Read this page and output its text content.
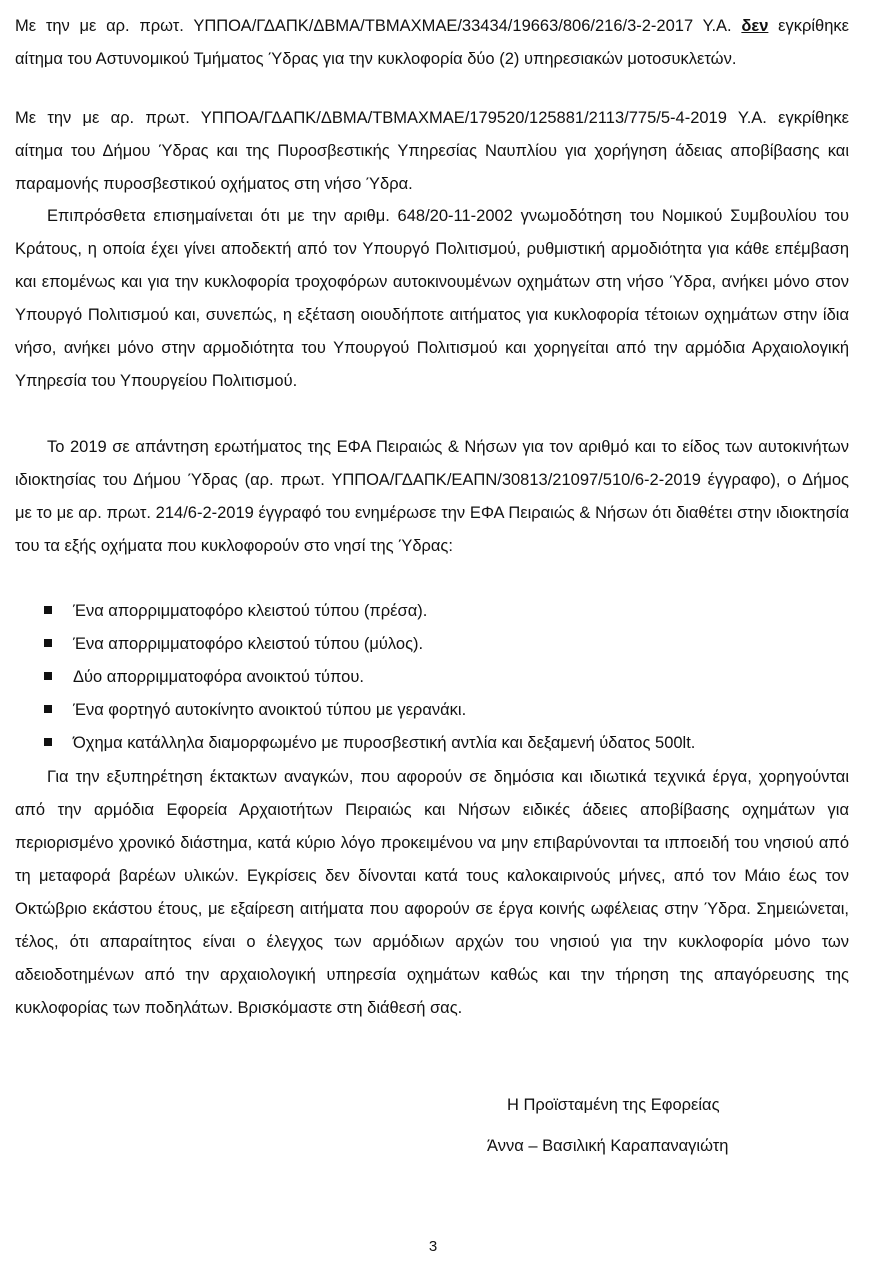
Με την με αρ. πρωτ. ΥΠΠΟΑ/ΓΔΑΠΚ/ΔΒΜΑ/ΤΒΜΑΧΜΑΕ/33434/19663/806/216/3-2-2017 Υ.Α. δεν εγκρίθηκε αίτημα του Αστυνομικού Τμήματος Ύδρας για την κυκλοφορία δύο (2) υπηρεσιακών μοτοσυκλετών.

Με την με αρ. πρωτ. ΥΠΠΟΑ/ΓΔΑΠΚ/ΔΒΜΑ/ΤΒΜΑΧΜΑΕ/179520/125881/2113/775/5-4-2019 Υ.Α. εγκρίθηκε αίτημα του Δήμου Ύδρας και της Πυροσβεστικής Υπηρεσίας Ναυπλίου για χορήγηση άδειας αποβίβασης και παραμονής πυροσβεστικού οχήματος στη νήσο Ύδρα.

Επιπρόσθετα επισημαίνεται ότι με την αριθμ. 648/20-11-2002 γνωμοδότηση του Νομικού Συμβουλίου του Κράτους, η οποία έχει γίνει αποδεκτή από τον Υπουργό Πολιτισμού, ρυθμιστική αρμοδιότητα για κάθε επέμβαση και επομένως και για την κυκλοφορία τροχοφόρων αυτοκινουμένων οχημάτων στη νήσο Ύδρα, ανήκει μόνο στον Υπουργό Πολιτισμού και, συνεπώς, η εξέταση οιουδήποτε αιτήματος για κυκλοφορία τέτοιων οχημάτων στην ίδια νήσο, ανήκει μόνο στην αρμοδιότητα του Υπουργού Πολιτισμού και χορηγείται από την αρμόδια Αρχαιολογική Υπηρεσία του Υπουργείου Πολιτισμού.

Το 2019 σε απάντηση ερωτήματος της ΕΦΑ Πειραιώς & Νήσων για τον αριθμό και το είδος των αυτοκινήτων ιδιοκτησίας του Δήμου Ύδρας (αρ. πρωτ. ΥΠΠΟΑ/ΓΔΑΠΚ/ΕΑΠΝ/30813/21097/510/6-2-2019 έγγραφο), ο Δήμος με το με αρ. πρωτ. 214/6-2-2019 έγγραφό του ενημέρωσε την ΕΦΑ Πειραιώς & Νήσων ότι διαθέτει στην ιδιοκτησία του τα εξής οχήματα που κυκλοφορούν στο νησί της Ύδρας:

Ένα απορριμματοφόρο κλειστού τύπου (πρέσα).
Ένα απορριμματοφόρο κλειστού τύπου (μύλος).
Δύο απορριμματοφόρα ανοικτού τύπου.
Ένα φορτηγό αυτοκίνητο ανοικτού τύπου με γερανάκι.
Όχημα κατάλληλα διαμορφωμένο με πυροσβεστική αντλία και δεξαμενή ύδατος 500lt.

Για την εξυπηρέτηση έκτακτων αναγκών, που αφορούν σε δημόσια και ιδιωτικά τεχνικά έργα, χορηγούνται από την αρμόδια Εφορεία Αρχαιοτήτων Πειραιώς και Νήσων ειδικές άδειες αποβίβασης οχημάτων για περιορισμένο χρονικό διάστημα, κατά κύριο λόγο προκειμένου να μην επιβαρύνονται τα ιπποειδή του νησιού από τη μεταφορά βαρέων υλικών. Εγκρίσεις δεν δίνονται κατά τους καλοκαιρινούς μήνες, από τον Μάιο έως τον Οκτώβριο εκάστου έτους, με εξαίρεση αιτήματα που αφορούν σε έργα κοινής ωφέλειας στην Ύδρα. Σημειώνεται, τέλος, ότι απαραίτητος είναι ο έλεγχος των αρμόδιων αρχών του νησιού για την κυκλοφορία μόνο των αδειοδοτημένων από την αρχαιολογική υπηρεσία οχημάτων καθώς και την τήρηση της απαγόρευσης της κυκλοφορίας των ποδηλάτων. Βρισκόμαστε στη διάθεσή σας.

Η Προϊσταμένη της Εφορείας
Άννα – Βασιλική Καραπαναγιώτη
3
